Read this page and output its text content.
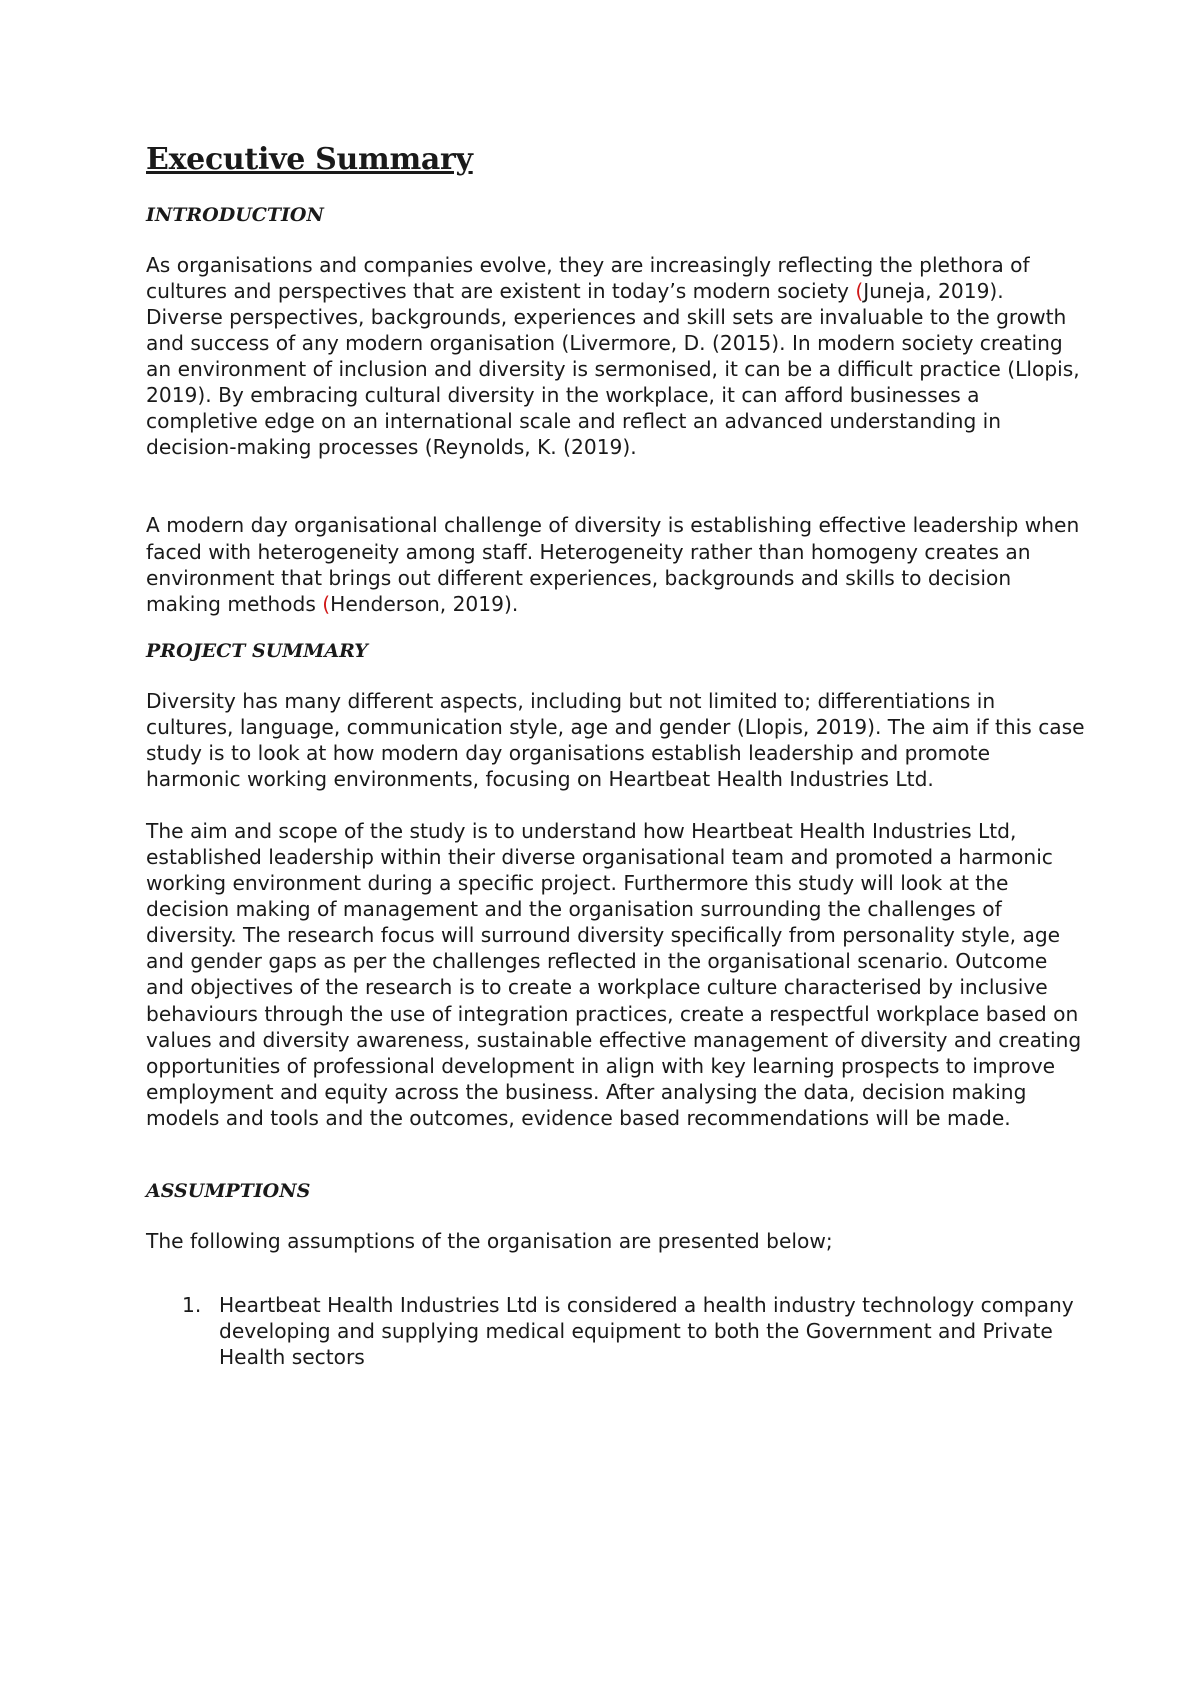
Executive Summary
INTRODUCTION

As organisations and companies evolve, they are increasingly reflecting the plethora of cultures and perspectives that are existent in today’s modern society (Juneja, 2019). Diverse perspectives, backgrounds, experiences and skill sets are invaluable to the growth and success of any modern organisation (Livermore, D. (2015). In modern society creating an environment of inclusion and diversity is sermonised, it can be a difficult practice (Llopis, 2019). By embracing cultural diversity in the workplace, it can afford businesses a completive edge on an international scale and reflect an advanced understanding in decision-making processes (Reynolds, K. (2019).

A modern day organisational challenge of diversity is establishing effective leadership when faced with heterogeneity among staff. Heterogeneity rather than homogeny creates an environment that brings out different experiences, backgrounds and skills to decision making methods (Henderson, 2019).

PROJECT SUMMARY

Diversity has many different aspects, including but not limited to; differentiations in cultures, language, communication style, age and gender (Llopis, 2019). The aim if this case study is to look at how modern day organisations establish leadership and promote harmonic working environments, focusing on Heartbeat Health Industries Ltd.

The aim and scope of the study is to understand how Heartbeat Health Industries Ltd, established leadership within their diverse organisational team and promoted a harmonic working environment during a specific project. Furthermore this study will look at the decision making of management and the organisation surrounding the challenges of diversity. The research focus will surround diversity specifically from personality style, age and gender gaps as per the challenges reflected in the organisational scenario. Outcome and objectives of the research is to create a workplace culture characterised by inclusive behaviours through the use of integration practices, create a respectful workplace based on values and diversity awareness, sustainable effective management of diversity and creating opportunities of professional development in align with key learning prospects to improve employment and equity across the business. After analysing the data, decision making models and tools and the outcomes, evidence based recommendations will be made.

ASSUMPTIONS

The following assumptions of the organisation are presented below;

1. Heartbeat Health Industries Ltd is considered a health industry technology company developing and supplying medical equipment to both the Government and Private Health sectors
